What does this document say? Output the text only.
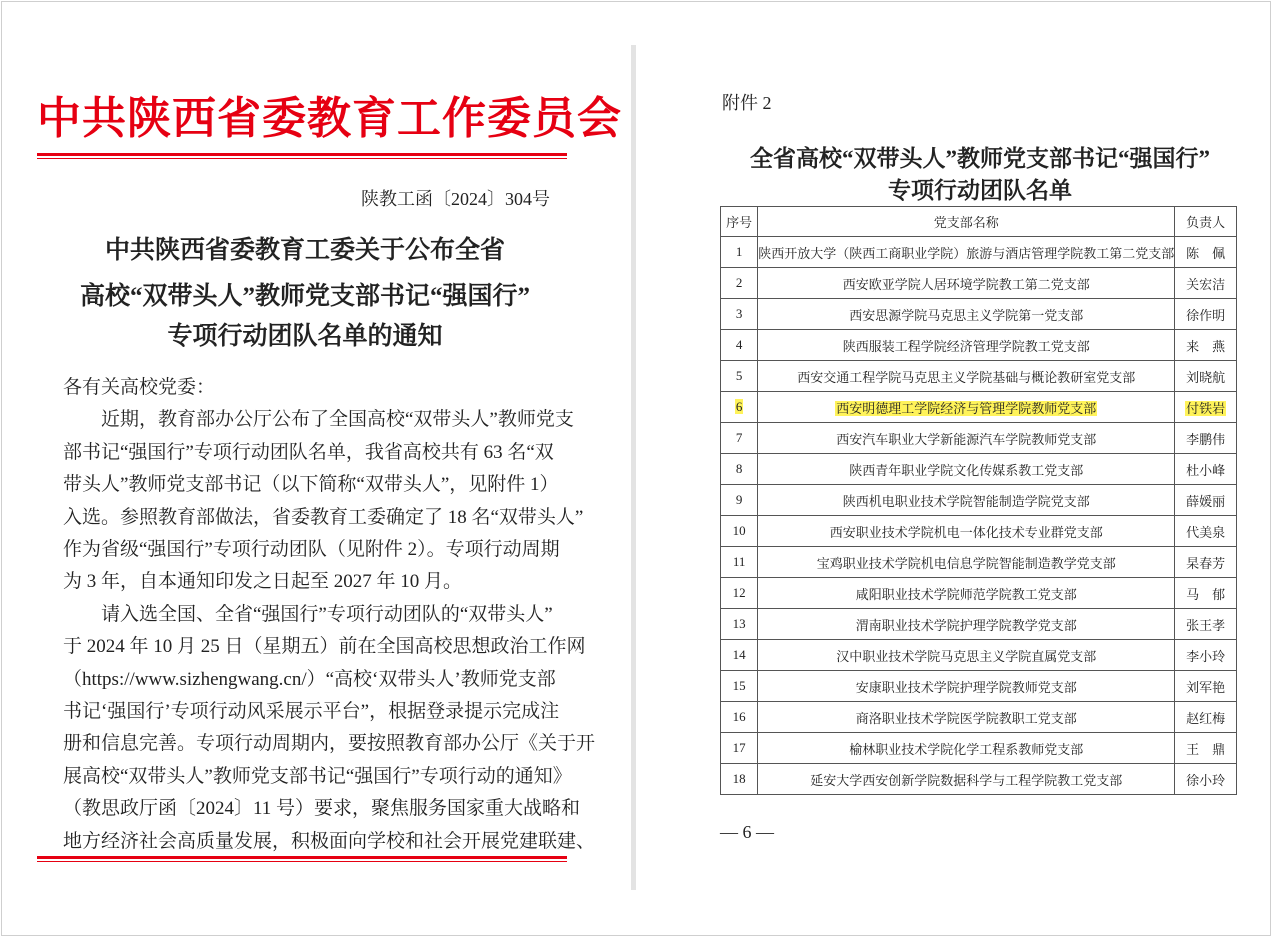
中共陕西省委教育工作委员会
陕教工函〔2024〕304号
中共陕西省委教育工委关于公布全省
高校“双带头人”教师党支部书记“强国行”
专项行动团队名单的通知
各有关高校党委：
　　近期，教育部办公厅公布了全国高校“双带头人”教师党支
部书记“强国行”专项行动团队名单，我省高校共有 63 名“双
带头人”教师党支部书记（以下简称“双带头人”，见附件 1）
入选。参照教育部做法，省委教育工委确定了 18 名“双带头人”
作为省级“强国行”专项行动团队（见附件 2）。专项行动周期
为 3 年，自本通知印发之日起至 2027 年 10 月。
　　请入选全国、全省“强国行”专项行动团队的“双带头人”
于 2024 年 10 月 25 日（星期五）前在全国高校思想政治工作网
（https://www.sizhengwang.cn/）“高校‘双带头人’教师党支部
书记‘强国行’专项行动风采展示平台”，根据登录提示完成注
册和信息完善。专项行动周期内，要按照教育部办公厅《关于开
展高校“双带头人”教师党支部书记“强国行”专项行动的通知》
（教思政厅函〔2024〕11 号）要求，聚焦服务国家重大战略和
地方经济社会高质量发展，积极面向学校和社会开展党建联建、
附件 2
全省高校“双带头人”教师党支部书记“强国行”
专项行动团队名单
序号	党支部名称	负责人
1	陕西开放大学（陕西工商职业学院）旅游与酒店管理学院教工第二党支部	陈　佩
2	西安欧亚学院人居环境学院教工第二党支部	关宏洁
3	西安思源学院马克思主义学院第一党支部	徐作明
4	陕西服装工程学院经济管理学院教工党支部	来　燕
5	西安交通工程学院马克思主义学院基础与概论教研室党支部	刘晓航
6	西安明德理工学院经济与管理学院教师党支部	付铁岩
7	西安汽车职业大学新能源汽车学院教师党支部	李鹏伟
8	陕西青年职业学院文化传媒系教工党支部	杜小峰
9	陕西机电职业技术学院智能制造学院党支部	薛媛丽
10	西安职业技术学院机电一体化技术专业群党支部	代美泉
11	宝鸡职业技术学院机电信息学院智能制造教学党支部	杲春芳
12	咸阳职业技术学院师范学院教工党支部	马　郁
13	渭南职业技术学院护理学院教学党支部	张王孝
14	汉中职业技术学院马克思主义学院直属党支部	李小玲
15	安康职业技术学院护理学院教师党支部	刘军艳
16	商洛职业技术学院医学院教职工党支部	赵红梅
17	榆林职业技术学院化学工程系教师党支部	王　鼎
18	延安大学西安创新学院数据科学与工程学院教工党支部	徐小玲
— 6 —
